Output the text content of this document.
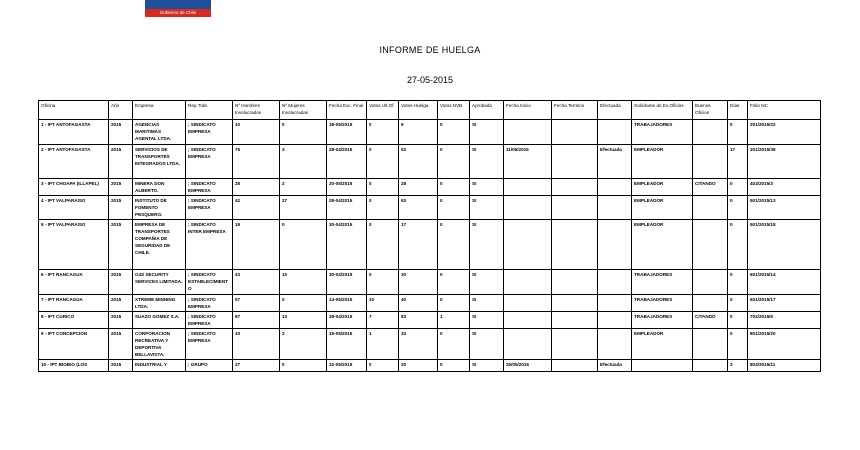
Gobierno de Chile
INFORME DE HUELGA
27-05-2015
Oficina	Año	Empresa	Rep.Trab.	Nº Hombres Involucrados	Nº Mujeres Involucradas	Fecha Exc. Final	Votos Ult.Of.	Votos Huelga	Votos NVB	Aprobada	Fecha Inicio	Fecha Termino	Efectuada	Solicitante de Ex.Oficios	Buenos Oficios	Días	Folio NC
1 - IPT ANTOFAGASTA	2015	AGENCIAS MARITIMAS AGENTAL LTDA.	; SINDICATO EMPRESA	10	0	18-05/2015	0	9	0	SI				TRABAJADORES		0	201/2015/22
2 - IPT ANTOFAGASTA	2015	SERVICIOS DE TRANSPORTES INTEGRADOS LTDA.	; SINDICATO EMPRESA	76	3	28-04/2015	0	53	0	SI	11/05/2015		Efectuada	EMPLEADOR		17	201/2015/38
3 - IPT CHOAPA (ILLAPEL)	2015	MINERA DON ALBERTO.	; SINDICATO EMPRESA	28	2	20-05/2015	0	28	0	SI				EMPLEADOR	CITANDO	0	403/2015/3
4 - IPT VALPARAISO	2015	INSTITUTO DE FOMENTO PESQUERO.	; SINDICATO EMPRESA	42	27	28-04/2015	0	63	0	SI				EMPLEADOR		0	501/2015/13
5 - IPT VALPARAISO	2015	EMPRESA DE TRANSPORTES COMPAÑIA DE SEGURIDAD DE CHILE.	; SINDICATO INTER EMPRESA	19	0	30-04/2015	0	17	0	SI				EMPLEADOR		0	501/2015/18
6 - IPT RANCAGUA	2015	G4S SECURITY SERVICES LIMITADA.	; SINDICATO ESTABLECIMIENTO	43	10	30-04/2015	0	30	0	SI				TRABAJADORES		0	601/2015/14
7 - IPT RANCAGUA	2015	XTREME MINNING LTDA.	; SINDICATO EMPRESA	57	0	14-05/2015	10	40	0	SI				TRABAJADORES		0	601/2015/17
8 - IPT CURICO	2015	SUAZO GOMEZ S.A.	; SINDICATO EMPRESA	87	13	28-04/2015	7	83	1	SI				TRABAJADORES	CITANDO	0	702/2015/5
9 - IPT CONCEPCION	2015	CORPORACION RECREATIVA Y DEPORTIVA BELLAVISTA.	; SINDICATO EMPRESA	33	2	19-05/2015	1	33	0	SI				EMPLEADOR		0	801/2015/20
10 - IPT BIOBIO (LOS	2015	INDUSTRIAL Y	; GRUPO	27	0	22-05/2015	0	20	0	SI	25/05/2015		Efectuada			3	803/2015/11
